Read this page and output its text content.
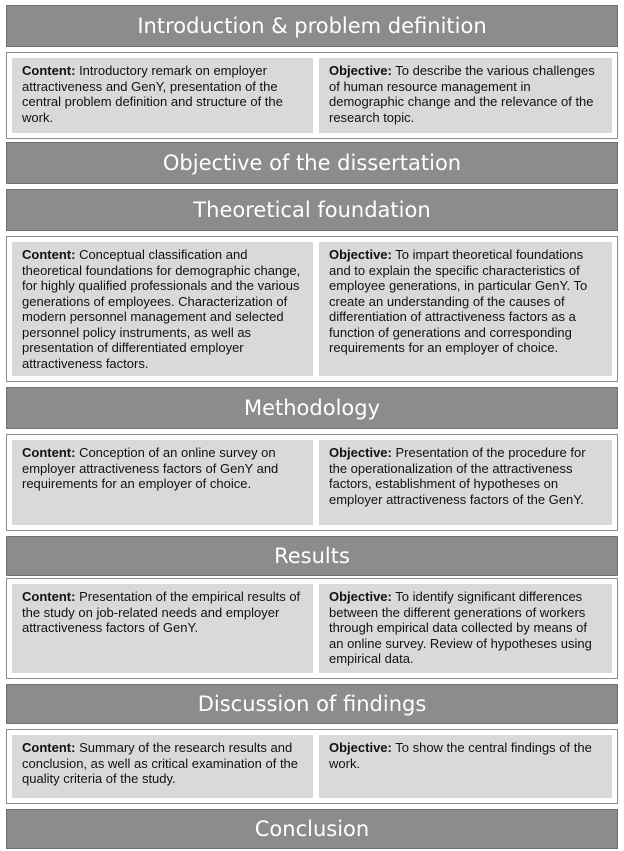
Introduction & problem definition
Content: Introductory remark on employer attractiveness and GenY, presentation of the central problem definition and structure of the work.
Objective: To describe the various challenges of human resource management in demographic change and the relevance of the research topic.
Objective of the dissertation
Theoretical foundation
Content: Conceptual classification and theoretical foundations for demographic change, for highly qualified professionals and the various generations of employees. Characterization of modern personnel management and selected personnel policy instruments, as well as presentation of differentiated employer attractiveness factors.
Objective: To impart theoretical foundations and to explain the specific characteristics of employee generations, in particular GenY. To create an understanding of the causes of differentiation of attractiveness factors as a function of generations and corresponding requirements for an employer of choice.
Methodology
Content: Conception of an online survey on employer attractiveness factors of GenY and requirements for an employer of choice.
Objective: Presentation of the procedure for the operationalization of the attractiveness factors, establishment of hypotheses on employer attractiveness factors of the GenY.
Results
Content: Presentation of the empirical results of the study on job-related needs and employer attractiveness factors of GenY.
Objective: To identify significant differences between the different generations of workers through empirical data collected by means of an online survey. Review of hypotheses using empirical data.
Discussion of findings
Content: Summary of the research results and conclusion, as well as critical examination of the quality criteria of the study.
Objective: To show the central findings of the work.
Conclusion
